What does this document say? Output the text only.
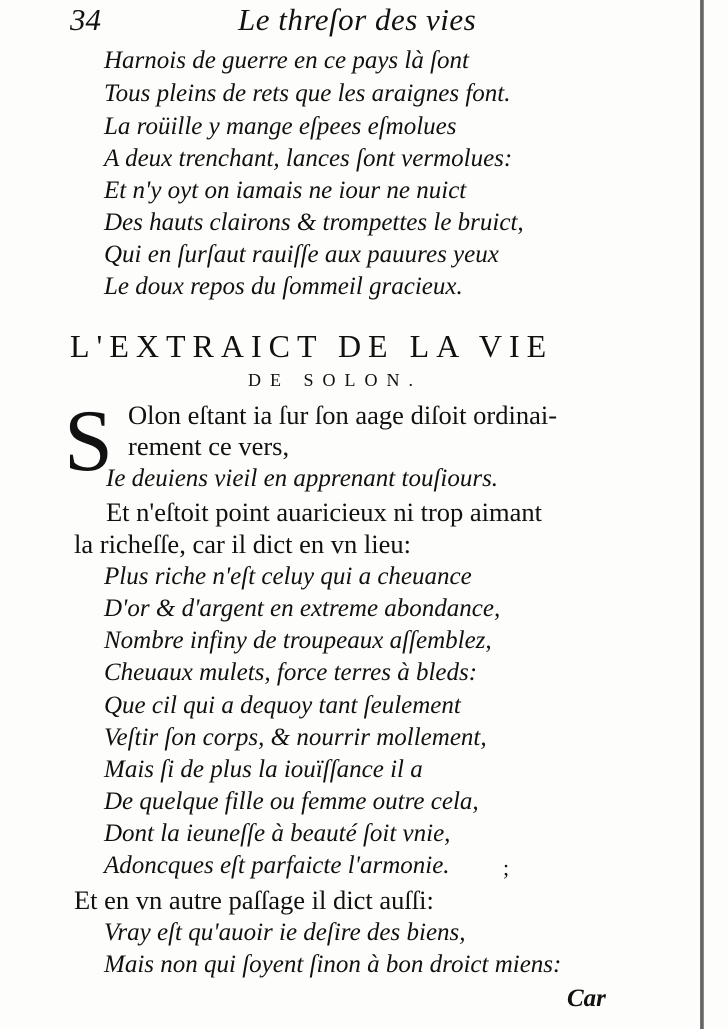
34	Le threſor des vies
Harnois de guerre en ce pays là ſont
Tous pleins de rets que les araignes font.
La roüille y mange eſpees eſmolues
A deux trenchant, lances ſont vermolues:
Et n'y oyt on iamais ne iour ne nuict
Des hauts clairons & trompettes le bruict,
Qui en ſurſaut rauiſſe aux pauures yeux
Le doux repos du ſommeil gracieux.
L'EXTRAICT DE LA VIE
DE SOLON.
S Olon eſtant ia ſur ſon aage diſoit ordinai-
rement ce vers,
Ie deuiens vieil en apprenant touſiours.
Et n'eſtoit point auaricieux ni trop aimant
la richeſſe, car il dict en vn lieu:
Plus riche n'eſt celuy qui a cheuance
D'or & d'argent en extreme abondance,
Nombre infiny de troupeaux aſſemblez,
Cheuaux mulets, force terres à bleds:
Que cil qui a dequoy tant ſeulement
Veſtir ſon corps, & nourrir mollement,
Mais ſi de plus la iouïſſance il a
De quelque fille ou femme outre cela,
Dont la ieuneſſe à beauté ſoit vnie,
Adoncques eſt parfaicte l'armonie. ;
Et en vn autre paſſage il dict auſſi:
Vray eſt qu'auoir ie deſire des biens,
Mais non qui ſoyent ſinon à bon droict miens:
Car
